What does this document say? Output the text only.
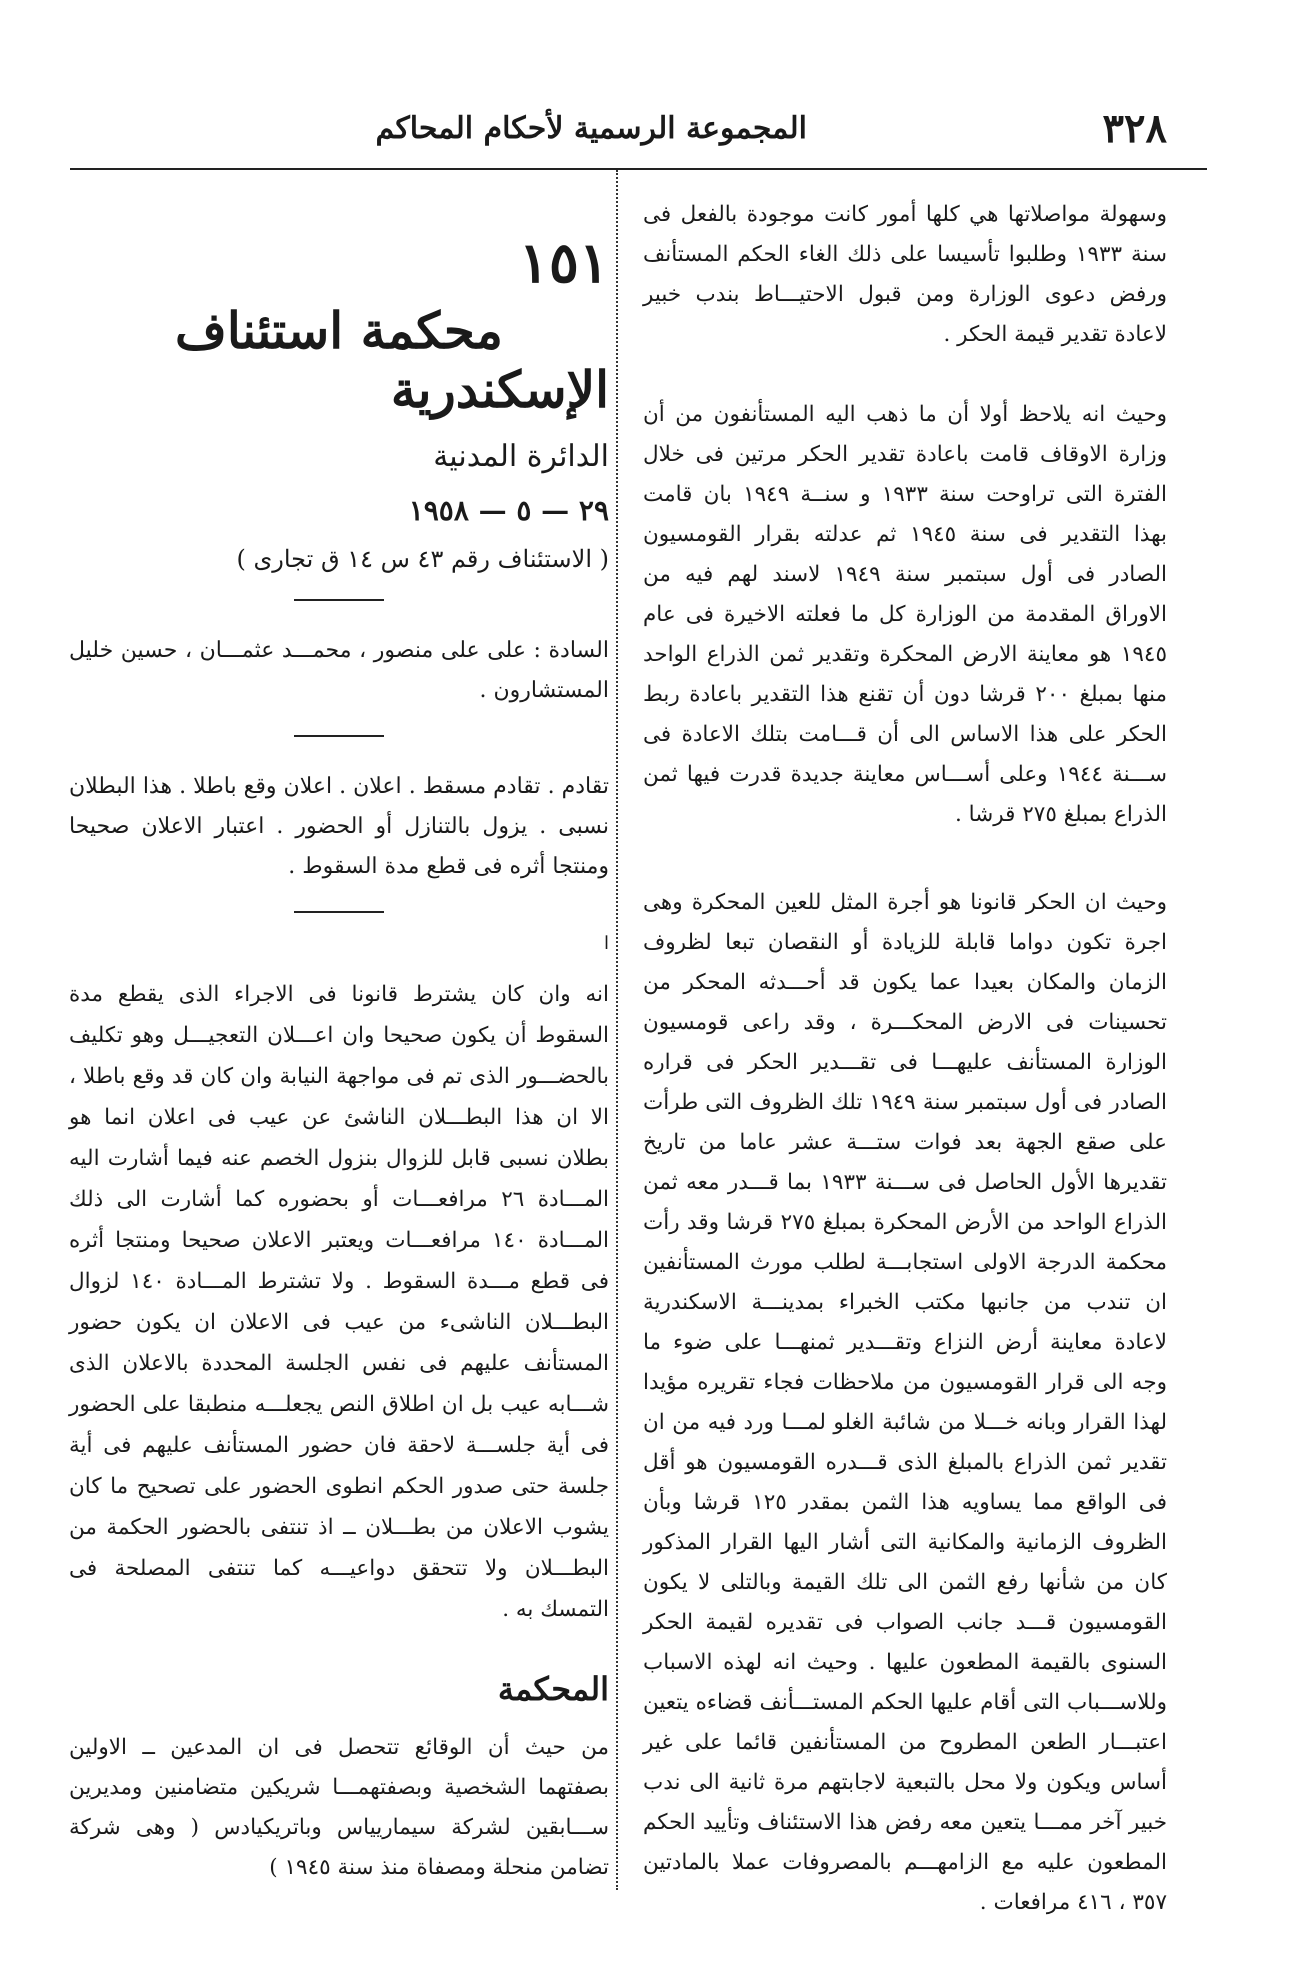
٣٢٨
المجموعة الرسمية لأحكام المحاكم

وسهولة مواصلاتها هي كلها أمور كانت موجودة بالفعل فى سنة ١٩٣٣ وطلبوا تأسيسا على ذلك الغاء الحكم المستأنف ورفض دعوى الوزارة ومن قبول الاحتيـــاط بندب خبير لاعادة تقدير قيمة الحكر .

وحيث انه يلاحظ أولا أن ما ذهب اليه المستأنفون من أن وزارة الاوقاف قامت باعادة تقدير الحكر مرتين فى خلال الفترة التى تراوحت سنة ١٩٣٣ و سنــة ١٩٤٩ بان قامت بهذا التقدير فى سنة ١٩٤٥ ثم عدلته بقرار القومسيون الصادر فى أول سبتمبر سنة ١٩٤٩ لاسند لهم فيه من الاوراق المقدمة من الوزارة كل ما فعلته الاخيرة فى عام ١٩٤٥ هو معاينة الارض المحكرة وتقدير ثمن الذراع الواحد منها بمبلغ ٢٠٠ قرشا دون أن تقنع هذا التقدير باعادة ربط الحكر على هذا الاساس الى أن قـــامت بتلك الاعادة فى ســـنة ١٩٤٤ وعلى أســـاس معاينة جديدة قدرت فيها ثمن الذراع بمبلغ ٢٧٥ قرشا .

وحيث ان الحكر قانونا هو أجرة المثل للعين المحكرة وهى اجرة تكون دواما قابلة للزيادة أو النقصان تبعا لظروف الزمان والمكان بعيدا عما يكون قد أحـــدثه المحكر من تحسينات فى الارض المحكـــرة ، وقد راعى قومسيون الوزارة المستأنف عليهـــا فى تقـــدير الحكر فى قراره الصادر فى أول سبتمبر سنة ١٩٤٩ تلك الظروف التى طرأت على صقع الجهة بعد فوات ستـــة عشر عاما من تاريخ تقديرها الأول الحاصل فى ســـنة ١٩٣٣ بما قـــدر معه ثمن الذراع الواحد من الأرض المحكرة بمبلغ ٢٧٥ قرشا وقد رأت محكمة الدرجة الاولى استجابـــة لطلب مورث المستأنفين ان تندب من جانبها مكتب الخبراء بمدينـــة الاسكندرية لاعادة معاينة أرض النزاع وتقـــدير ثمنهـــا على ضوء ما وجه الى قرار القومسيون من ملاحظات فجاء تقريره مؤيدا لهذا القرار وبانه خـــلا من شائبة الغلو لمـــا ورد فيه من ان تقدير ثمن الذراع بالمبلغ الذى قـــدره القومسيون هو أقل فى الواقع مما يساويه هذا الثمن بمقدر ١٢٥ قرشا وبأن الظروف الزمانية والمكانية التى أشار اليها القرار المذكور كان من شأنها رفع الثمن الى تلك القيمة وبالتلى لا يكون القومسيون قـــد جانب الصواب فى تقديره لقيمة الحكر السنوى بالقيمة المطعون عليها . وحيث انه لهذه الاسباب وللاســـباب التى أقام عليها الحكم المستـــأنف قضاءه يتعين اعتبـــار الطعن المطروح من المستأنفين قائما على غير أساس ويكون ولا محل بالتبعية لاجابتهم مرة ثانية الى ندب خبير آخر ممـــا يتعين معه رفض هذا الاستئناف وتأييد الحكم المطعون عليه مع الزامهـــم بالمصروفات عملا بالمادتين ٣٥٧ ، ٤١٦ مرافعات .

١٥١
محكمة استئناف الإسكندرية
الدائرة المدنية
٢٩ — ٥ — ١٩٥٨
( الاستئناف رقم ٤٣ س ١٤ ق تجارى )

السادة : على على منصور ، محمـــد عثمـــان ، حسين خليل المستشارون .

تقادم . تقادم مسقط . اعلان . اعلان وقع باطلا . هذا البطلان نسبى . يزول بالتنازل أو الحضور . اعتبار الاعلان صحيحا ومنتجا أثره فى قطع مدة السقوط .

ا

انه وان كان يشترط قانونا فى الاجراء الذى يقطع مدة السقوط أن يكون صحيحا وان اعـــلان التعجيـــل وهو تكليف بالحضـــور الذى تم فى مواجهة النيابة وان كان قد وقع باطلا ، الا ان هذا البطـــلان الناشئ عن عيب فى اعلان انما هو بطلان نسبى قابل للزوال بنزول الخصم عنه فيما أشارت اليه المـــادة ٢٦ مرافعـــات أو بحضوره كما أشارت الى ذلك المـــادة ١٤٠ مرافعـــات ويعتبر الاعلان صحيحا ومنتجا أثره فى قطع مـــدة السقوط . ولا تشترط المـــادة ١٤٠ لزوال البطـــلان الناشىء من عيب فى الاعلان ان يكون حضور المستأنف عليهم فى نفس الجلسة المحددة بالاعلان الذى شـــابه عيب بل ان اطلاق النص يجعلـــه منطبقا على الحضور فى أية جلســـة لاحقة فان حضور المستأنف عليهم فى أية جلسة حتى صدور الحكم انطوى الحضور على تصحيح ما كان يشوب الاعلان من بطـــلان ــ اذ تنتفى بالحضور الحكمة من البطـــلان ولا تتحقق دواعيـــه كما تنتفى المصلحة فى التمسك به .

المحكمة

من حيث أن الوقائع تتحصل فى ان المدعين ــ الاولين بصفتهما الشخصية وبصفتهمـــا شريكين متضامنين ومديرين ســـابقين لشركة سيماريياس وباتريكيادس ( وهى شركة تضامن منحلة ومصفاة منذ سنة ١٩٤٥ )
